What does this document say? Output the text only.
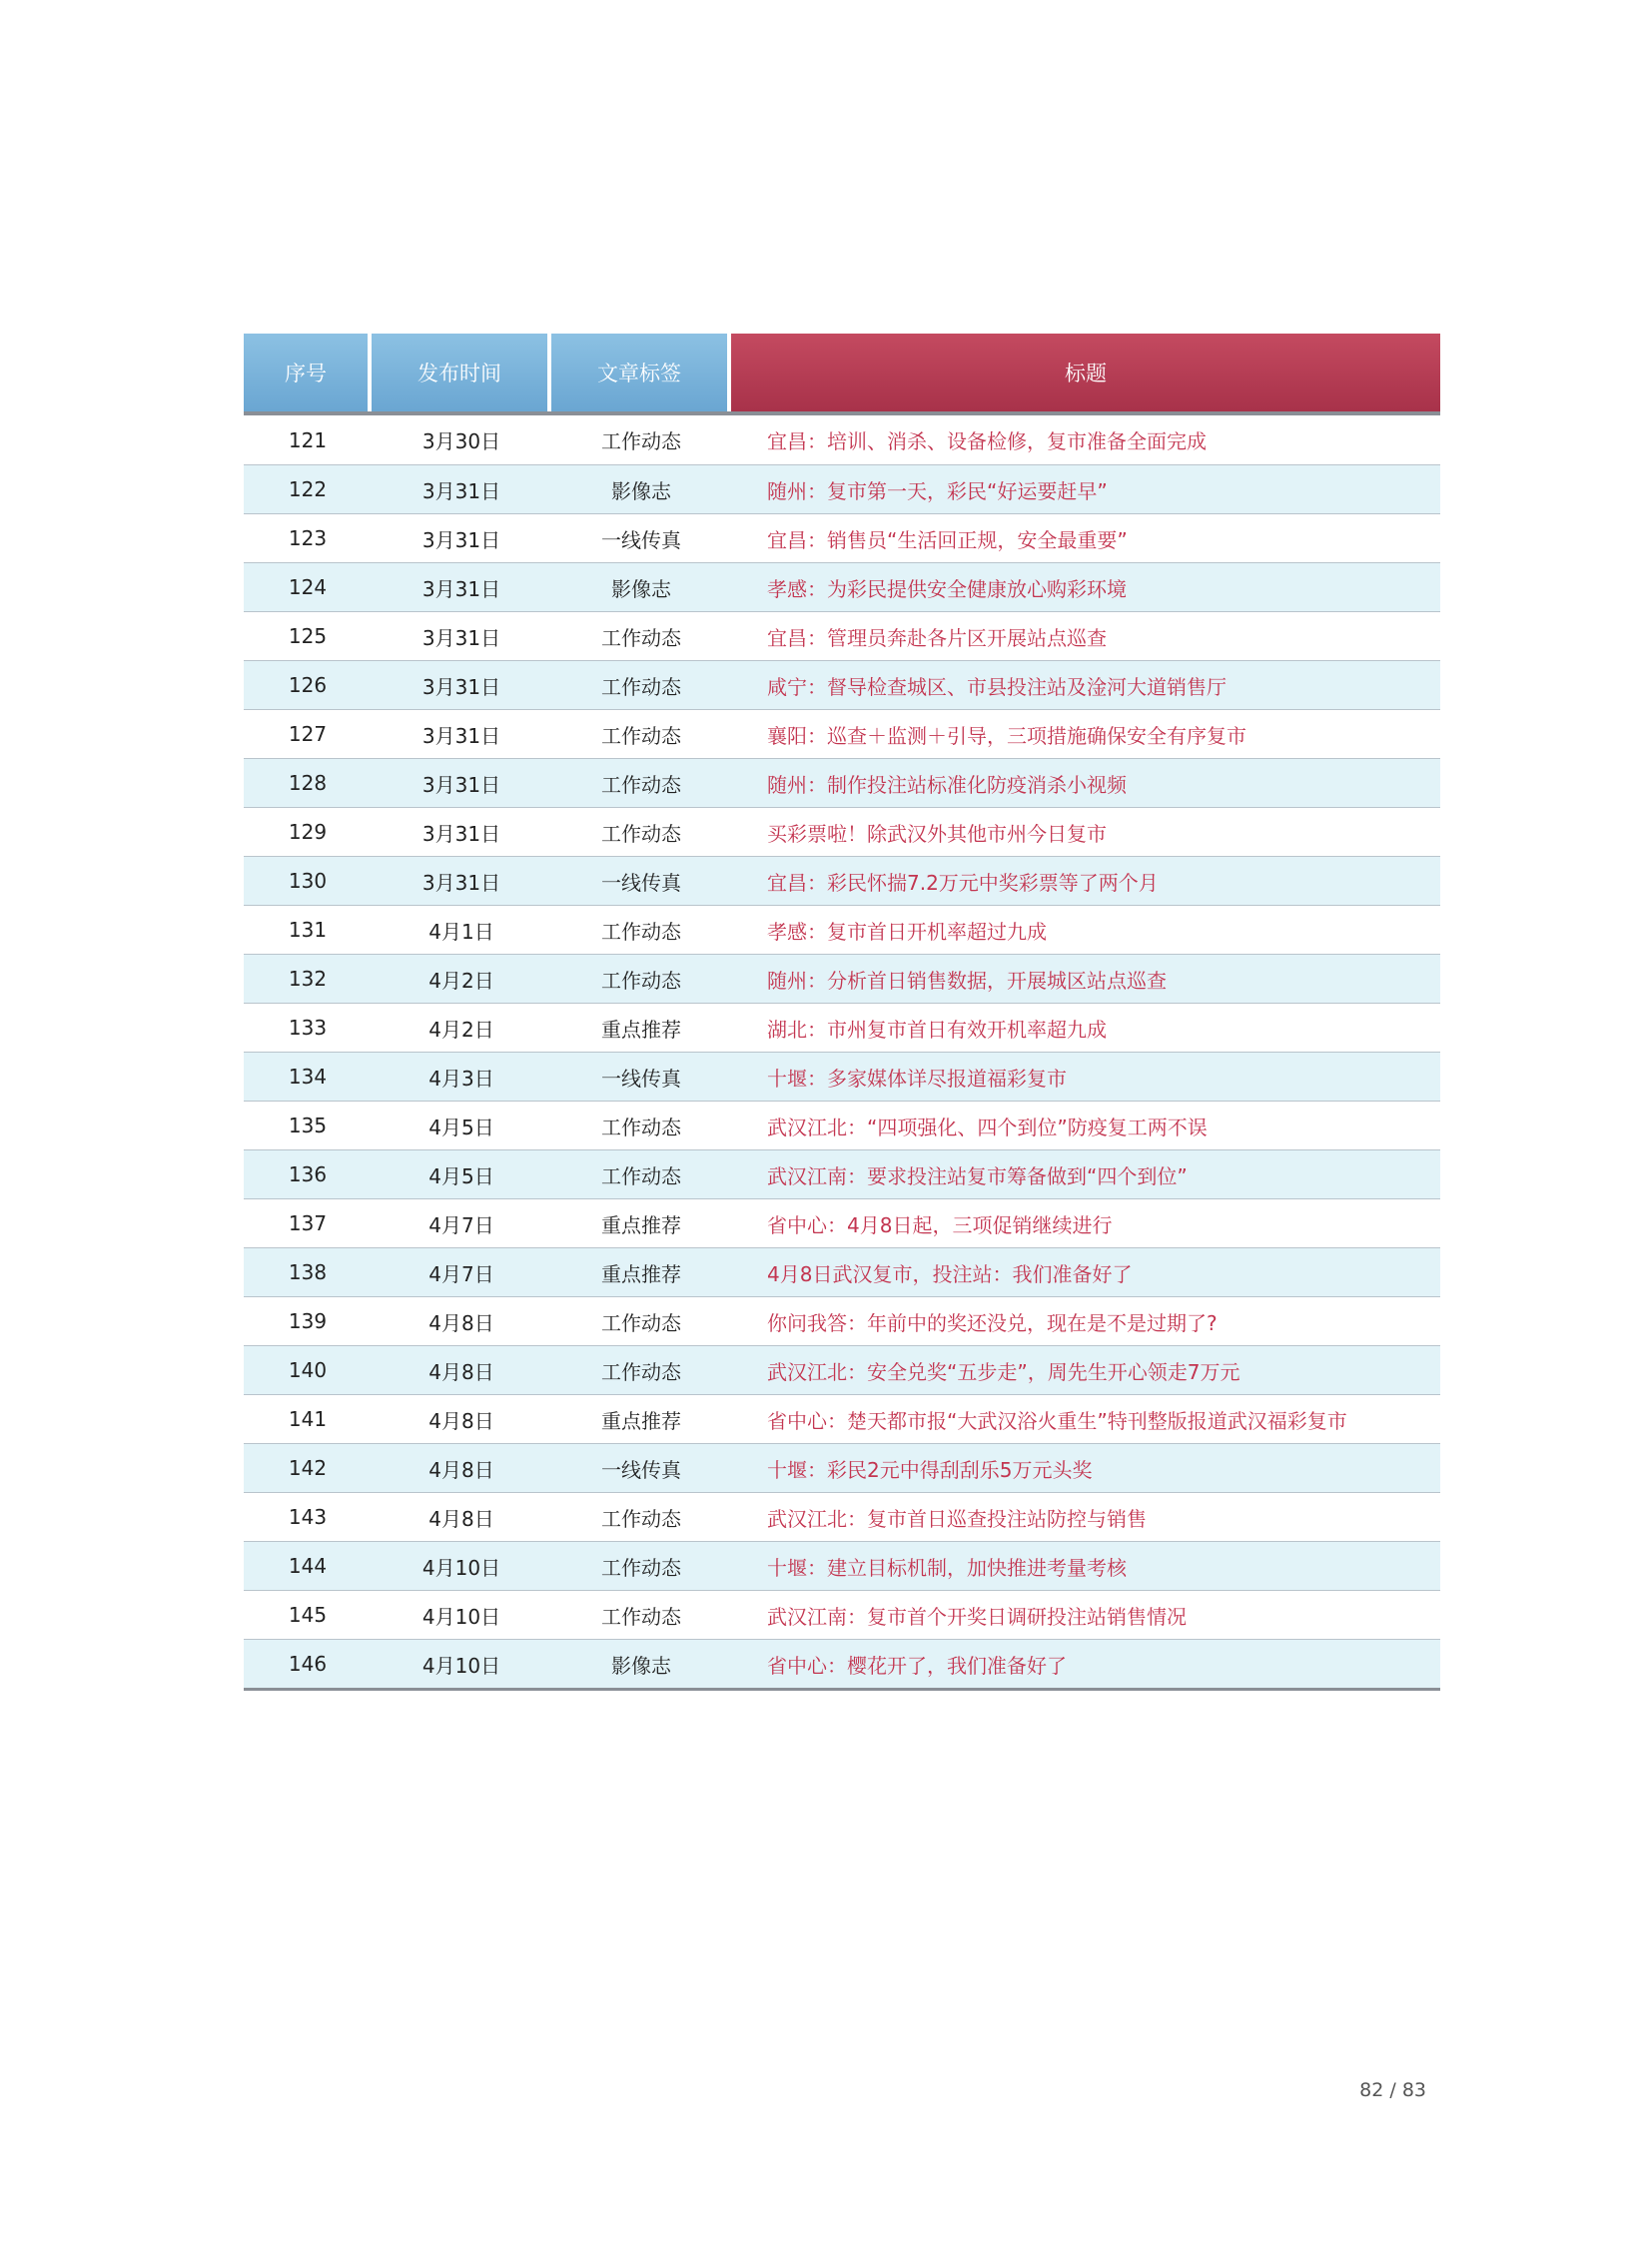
序号	发布时间	文章标签	标题
121	3月30日	工作动态	宜昌：培训、消杀、设备检修，复市准备全面完成
122	3月31日	影像志	随州：复市第一天，彩民“好运要赶早”
123	3月31日	一线传真	宜昌：销售员“生活回正规，安全最重要”
124	3月31日	影像志	孝感：为彩民提供安全健康放心购彩环境
125	3月31日	工作动态	宜昌：管理员奔赴各片区开展站点巡查
126	3月31日	工作动态	咸宁：督导检查城区、市县投注站及淦河大道销售厅
127	3月31日	工作动态	襄阳：巡查＋监测＋引导，三项措施确保安全有序复市
128	3月31日	工作动态	随州：制作投注站标准化防疫消杀小视频
129	3月31日	工作动态	买彩票啦！除武汉外其他市州今日复市
130	3月31日	一线传真	宜昌：彩民怀揣7.2万元中奖彩票等了两个月
131	4月1日	工作动态	孝感：复市首日开机率超过九成
132	4月2日	工作动态	随州：分析首日销售数据，开展城区站点巡查
133	4月2日	重点推荐	湖北：市州复市首日有效开机率超九成
134	4月3日	一线传真	十堰：多家媒体详尽报道福彩复市
135	4月5日	工作动态	武汉江北：“四项强化、四个到位”防疫复工两不误
136	4月5日	工作动态	武汉江南：要求投注站复市筹备做到“四个到位”
137	4月7日	重点推荐	省中心：4月8日起，三项促销继续进行
138	4月7日	重点推荐	4月8日武汉复市，投注站：我们准备好了
139	4月8日	工作动态	你问我答：年前中的奖还没兑，现在是不是过期了?
140	4月8日	工作动态	武汉江北：安全兑奖“五步走”，周先生开心领走7万元
141	4月8日	重点推荐	省中心：楚天都市报“大武汉浴火重生”特刊整版报道武汉福彩复市
142	4月8日	一线传真	十堰：彩民2元中得刮刮乐5万元头奖
143	4月8日	工作动态	武汉江北：复市首日巡查投注站防控与销售
144	4月10日	工作动态	十堰：建立目标机制，加快推进考量考核
145	4月10日	工作动态	武汉江南：复市首个开奖日调研投注站销售情况
146	4月10日	影像志	省中心：樱花开了，我们准备好了
82 / 83
